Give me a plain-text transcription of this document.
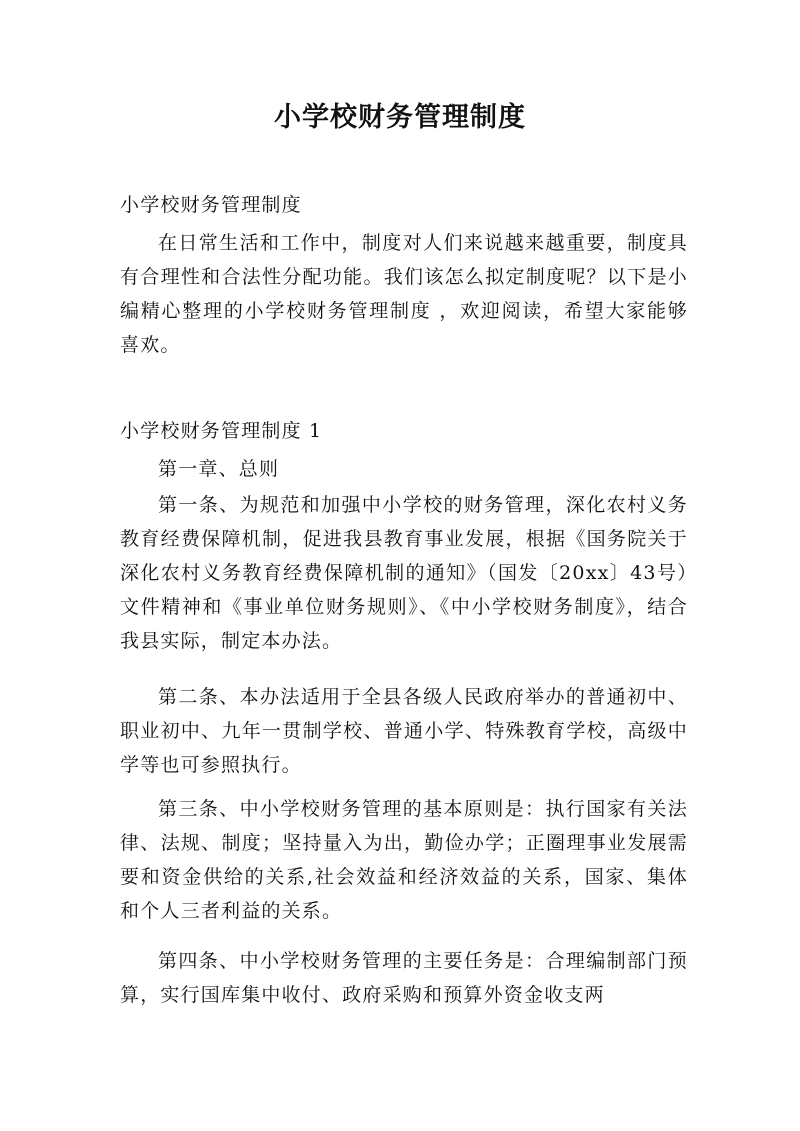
小学校财务管理制度

小学校财务管理制度

在日常生活和工作中，制度对人们来说越来越重要，制度具有合理性和合法性分配功能。我们该怎么拟定制度呢？以下是小编精心整理的小学校财务管理制度 ，欢迎阅读，希望大家能够喜欢。

小学校财务管理制度 1

第一章、总则

第一条、为规范和加强中小学校的财务管理，深化农村义务教育经费保障机制，促进我县教育事业发展，根据《国务院关于深化农村义务教育经费保障机制的通知》（国发〔20xx〕43号）文件精神和《事业单位财务规则》、《中小学校财务制度》，结合我县实际，制定本办法。

第二条、本办法适用于全县各级人民政府举办的普通初中、职业初中、九年一贯制学校、普通小学、特殊教育学校，高级中学等也可参照执行。

第三条、中小学校财务管理的基本原则是：执行国家有关法律、法规、制度；坚持量入为出，勤俭办学；正圈理事业发展需要和资金供给的关系,社会效益和经济效益的关系，国家、集体和个人三者利益的关系。

第四条、中小学校财务管理的主要任务是：合理编制部门预算，实行国库集中收付、政府采购和预算外资金收支两
